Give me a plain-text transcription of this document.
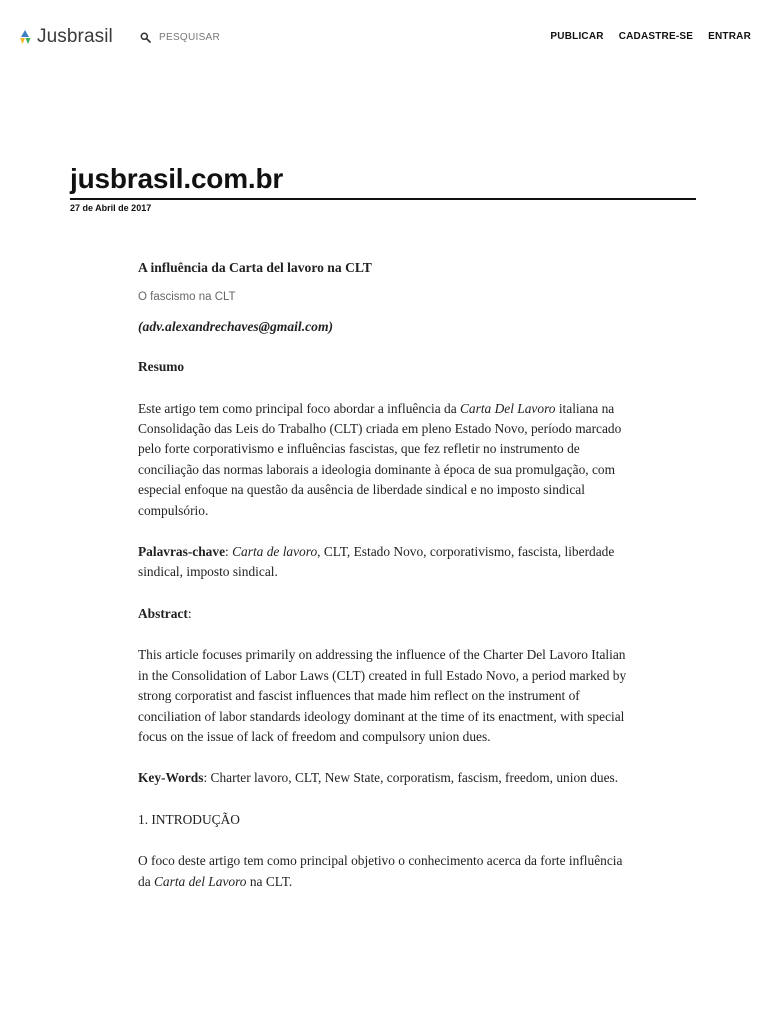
Jusbrasil
PESQUISAR	PUBLICAR CADASTRE-SE ENTRAR
jusbrasil.com.br
27 de Abril de 2017

A influência da Carta del lavoro na CLT

O fascismo na CLT

(adv.alexandrechaves@gmail.com)

Resumo

Este artigo tem como principal foco abordar a influência da Carta Del Lavoro italiana na Consolidação das Leis do Trabalho (CLT) criada em pleno Estado Novo, período marcado pelo forte corporativismo e influências fascistas, que fez refletir no instrumento de conciliação das normas laborais a ideologia dominante à época de sua promulgação, com especial enfoque na questão da ausência de liberdade sindical e no imposto sindical compulsório.

Palavras-chave: Carta de lavoro, CLT, Estado Novo, corporativismo, fascista, liberdade sindical, imposto sindical.

Abstract:

This article focuses primarily on addressing the influence of the Charter Del Lavoro Italian in the Consolidation of Labor Laws (CLT) created in full Estado Novo, a period marked by strong corporatist and fascist influences that made him reflect on the instrument of conciliation of labor standards ideology dominant at the time of its enactment, with special focus on the issue of lack of freedom and compulsory union dues.

Key-Words: Charter lavoro, CLT, New State, corporatism, fascism, freedom, union dues.

1. INTRODUÇÃO

O foco deste artigo tem como principal objetivo o conhecimento acerca da forte influência da Carta del Lavoro na CLT.
